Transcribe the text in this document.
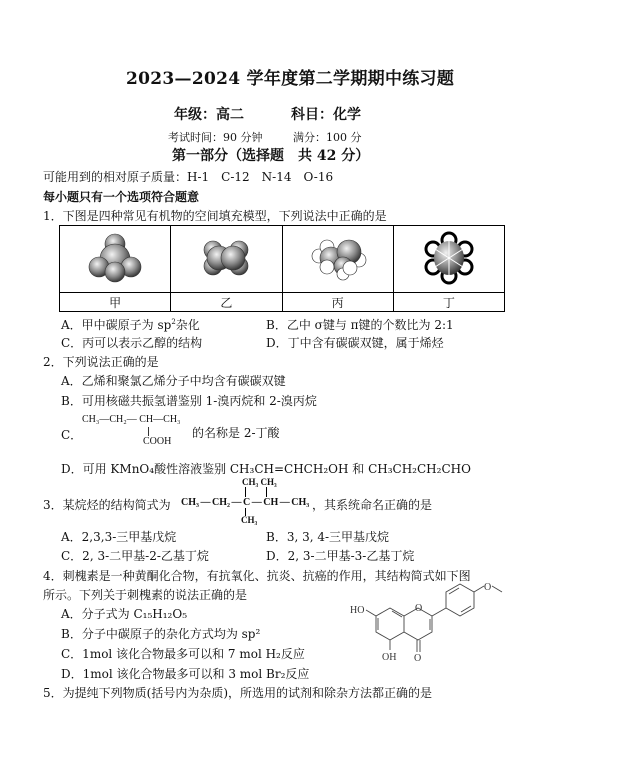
2023—2024 学年度第二学期期中练习题
年级：高二	科目：化学
考试时间：90 分钟	满分：100 分
第一部分（选择题　共 42 分）
可能用到的相对原子质量：H-1　C-12　N-14　O-16
每小题只有一个选项符合题意
1．下图是四种常见有机物的空间填充模型，下列说法中正确的是

甲	乙	丙	丁
A．甲中碳原子为 $sp^2$杂化	B．乙中 σ键与 π键的个数比为 2:1
C．丙可以表示乙醇的结构	D．丁中含有碳碳双键，属于烯烃
2．下列说法正确的是
A．乙烯和聚氯乙烯分子中均含有碳碳双键
B．可用核磁共振氢谱鉴别 1-溴丙烷和 2-溴丙烷
C．
CH₃—CH₂— CH—CH₃
COOH
的名称是 2-丁酸
D．可用 KMnO₄酸性溶液鉴别 CH₃CH=CHCH₂OH 和 CH₃CH₂CH₂CHO
CH₃ CH₃
3．某烷烃的结构简式为 CH₃ — CH₂ — C — CH — CH₃
CH₃
，其系统命名正确的是
A．2,3,3-三甲基戊烷	B．3, 3, 4-三甲基戊烷
C．2, 3-二甲基-2-乙基丁烷	D．2, 3-二甲基-3-乙基丁烷
4．刺槐素是一种黄酮化合物，有抗氧化、抗炎、抗癌的作用，其结构简式如下图
所示。下列关于刺槐素的说法正确的是
A．分子式为 C₁₅H₁₂O₅
B．分子中碳原子的杂化方式均为 sp²
C．1mol 该化合物最多可以和 7 mol H₂反应
D．1mol 该化合物最多可以和 3 mol Br₂反应
HO	O
OH O
O
5．为提纯下列物质(括号内为杂质)，所选用的试剂和除杂方法都正确的是
